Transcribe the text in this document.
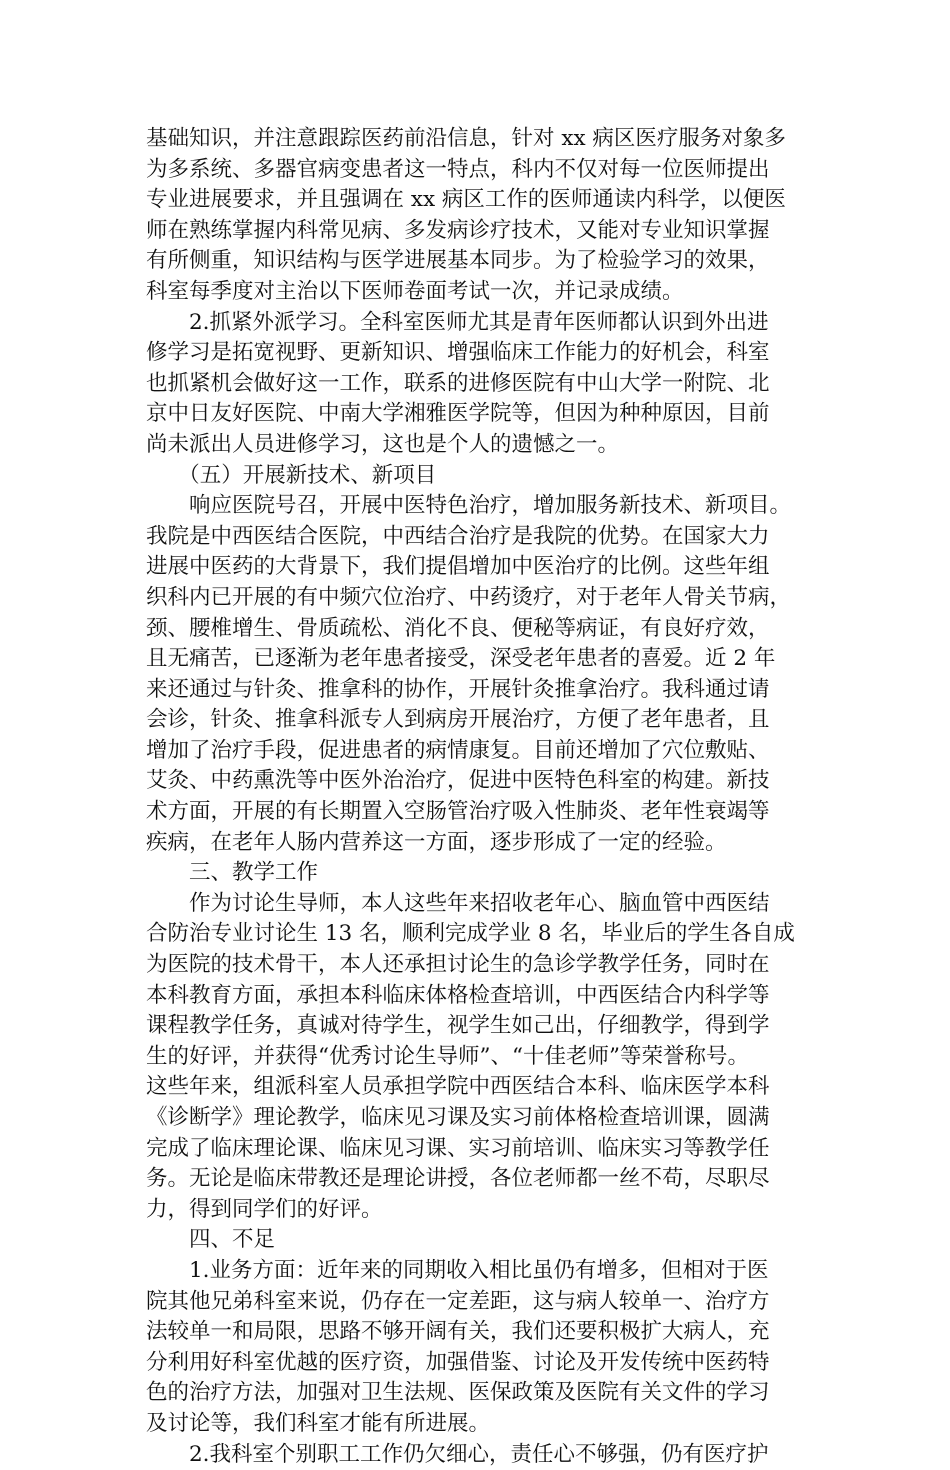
基础知识，并注意跟踪医药前沿信息，针对 xx 病区医疗服务对象多

为多系统、多器官病变患者这一特点，科内不仅对每一位医师提出

专业进展要求，并且强调在 xx 病区工作的医师通读内科学，以便医

师在熟练掌握内科常见病、多发病诊疗技术，又能对专业知识掌握

有所侧重，知识结构与医学进展基本同步。为了检验学习的效果，

科室每季度对主治以下医师卷面考试一次，并记录成绩。

　　2.抓紧外派学习。全科室医师尤其是青年医师都认识到外出进

修学习是拓宽视野、更新知识、增强临床工作能力的好机会，科室

也抓紧机会做好这一工作，联系的进修医院有中山大学一附院、北

京中日友好医院、中南大学湘雅医学院等，但因为种种原因，目前

尚未派出人员进修学习，这也是个人的遗憾之一。

　　（五）开展新技术、新项目

　　响应医院号召，开展中医特色治疗，增加服务新技术、新项目。

我院是中西医结合医院，中西结合治疗是我院的优势。在国家大力

进展中医药的大背景下，我们提倡增加中医治疗的比例。这些年组

织科内已开展的有中频穴位治疗、中药烫疗，对于老年人骨关节病，

颈、腰椎增生、骨质疏松、消化不良、便秘等病证，有良好疗效，

且无痛苦，已逐渐为老年患者接受，深受老年患者的喜爱。近 2 年

来还通过与针灸、推拿科的协作，开展针灸推拿治疗。我科通过请

会诊，针灸、推拿科派专人到病房开展治疗，方便了老年患者，且

增加了治疗手段，促进患者的病情康复。目前还增加了穴位敷贴、

艾灸、中药熏洗等中医外治治疗，促进中医特色科室的构建。新技

术方面，开展的有长期置入空肠管治疗吸入性肺炎、老年性衰竭等

疾病，在老年人肠内营养这一方面，逐步形成了一定的经验。

　　三、教学工作

　　作为讨论生导师，本人这些年来招收老年心、脑血管中西医结

合防治专业讨论生 13 名，顺利完成学业 8 名，毕业后的学生各自成

为医院的技术骨干，本人还承担讨论生的急诊学教学任务，同时在

本科教育方面，承担本科临床体格检查培训，中西医结合内科学等

课程教学任务，真诚对待学生，视学生如己出，仔细教学，得到学

生的好评，并获得“优秀讨论生导师”、“十佳老师”等荣誉称号。

这些年来，组派科室人员承担学院中西医结合本科、临床医学本科

《诊断学》理论教学，临床见习课及实习前体格检查培训课，圆满

完成了临床理论课、临床见习课、实习前培训、临床实习等教学任

务。无论是临床带教还是理论讲授，各位老师都一丝不苟，尽职尽

力，得到同学们的好评。

　　四、不足

　　1.业务方面：近年来的同期收入相比虽仍有增多，但相对于医

院其他兄弟科室来说，仍存在一定差距，这与病人较单一、治疗方

法较单一和局限，思路不够开阔有关，我们还要积极扩大病人，充

分利用好科室优越的医疗资，加强借鉴、讨论及开发传统中医药特

色的治疗方法，加强对卫生法规、医保政策及医院有关文件的学习

及讨论等，我们科室才能有所进展。

　　2.我科室个别职工工作仍欠细心，责任心不够强，仍有医疗护
